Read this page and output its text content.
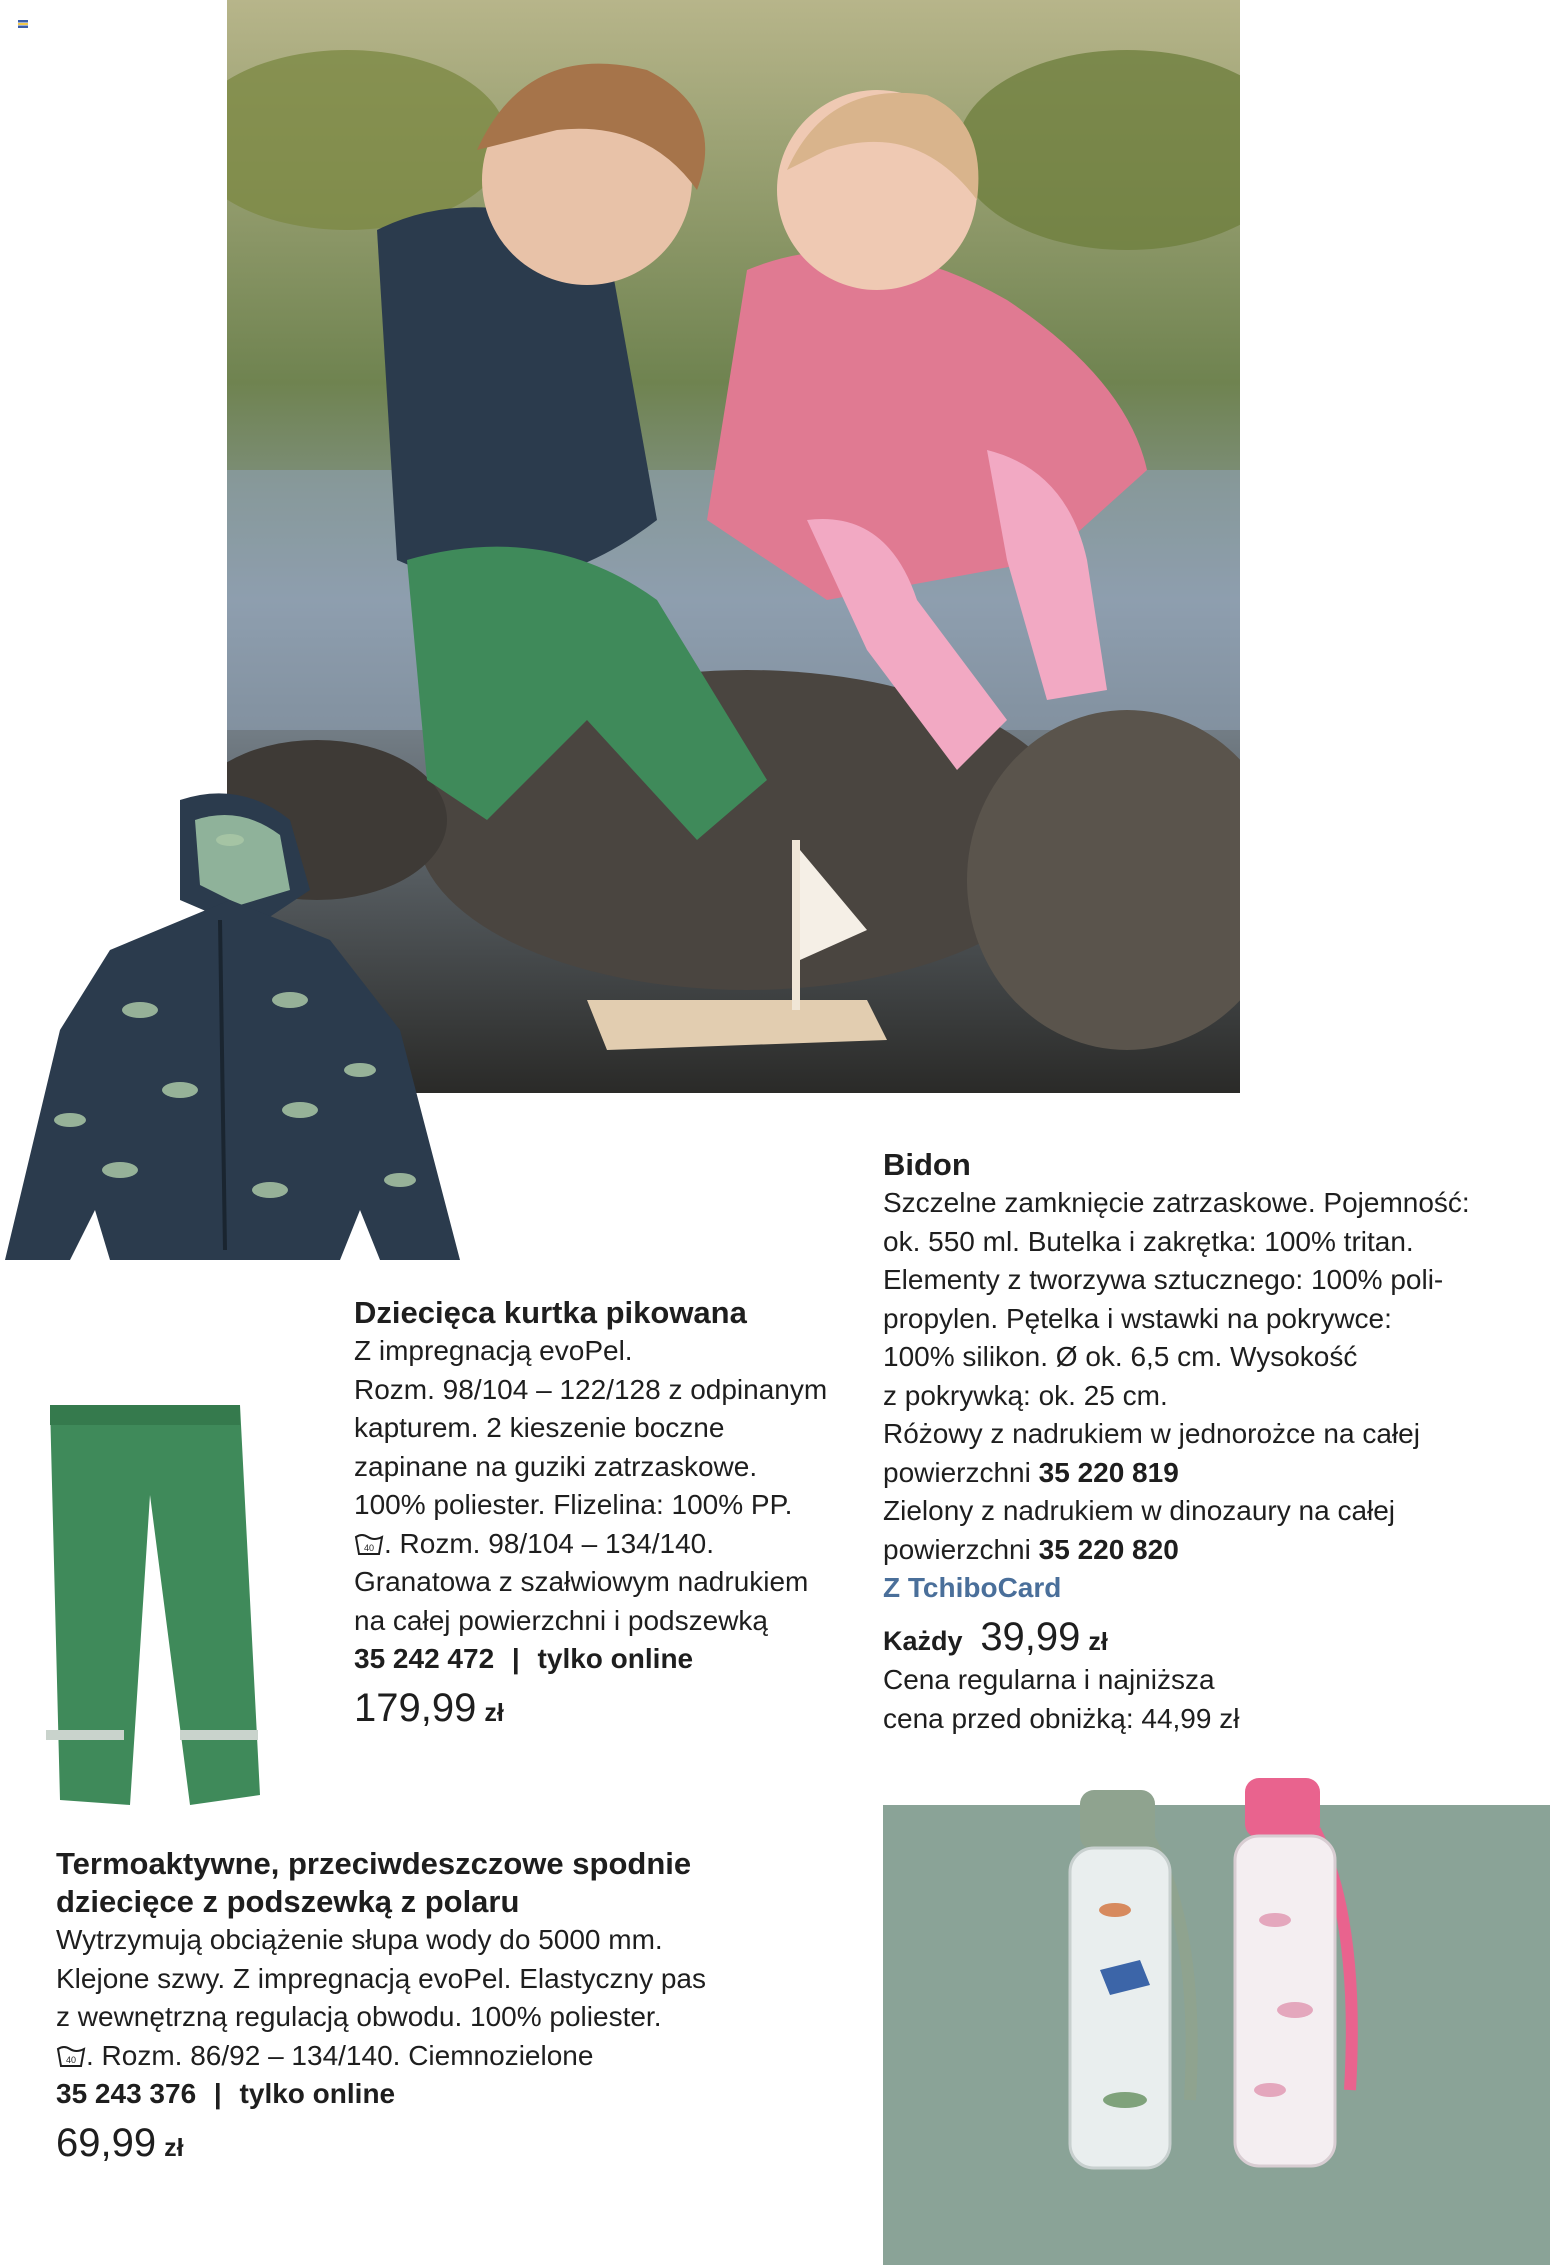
Dziecięca kurtka pikowana

Z impregnacją evoPel.
Rozm. 98/104 – 122/128 z odpinanym
kapturem. 2 kieszenie boczne
zapinane na guziki zatrzaskowe.
100% poliester. Flizelina: 100% PP.
40 . Rozm. 98/104 – 134/140.
Granatowa z szałwiowym nadrukiem
na całej powierzchni i podszewką
35 242 472 | tylko online
179,99 zł

Bidon

Szczelne zamknięcie zatrzaskowe. Pojemność:
ok. 550 ml. Butelka i zakrętka: 100% tritan.
Elementy z tworzywa sztucznego: 100% poli-
propylen. Pętelka i wstawki na pokrywce:
100% silikon. Ø ok. 6,5 cm. Wysokość
z pokrywką: ok. 25 cm.
Różowy z nadrukiem w jednorożce na całej
powierzchni 35 220 819
Zielony z nadrukiem w dinozaury na całej
powierzchni 35 220 820
Z TchiboCard
Każdy 39,99 zł
Cena regularna i najniższa
cena przed obniżką: 44,99 zł

Termoaktywne, przeciwdeszczowe spodnie

dziecięce z podszewką z polaru

Wytrzymują obciążenie słupa wody do 5000 mm.
Klejone szwy. Z impregnacją evoPel. Elastyczny pas
z wewnętrzną regulacją obwodu. 100% poliester.
40 . Rozm. 86/92 – 134/140. Ciemnozielone
35 243 376 | tylko online
69,99 zł
